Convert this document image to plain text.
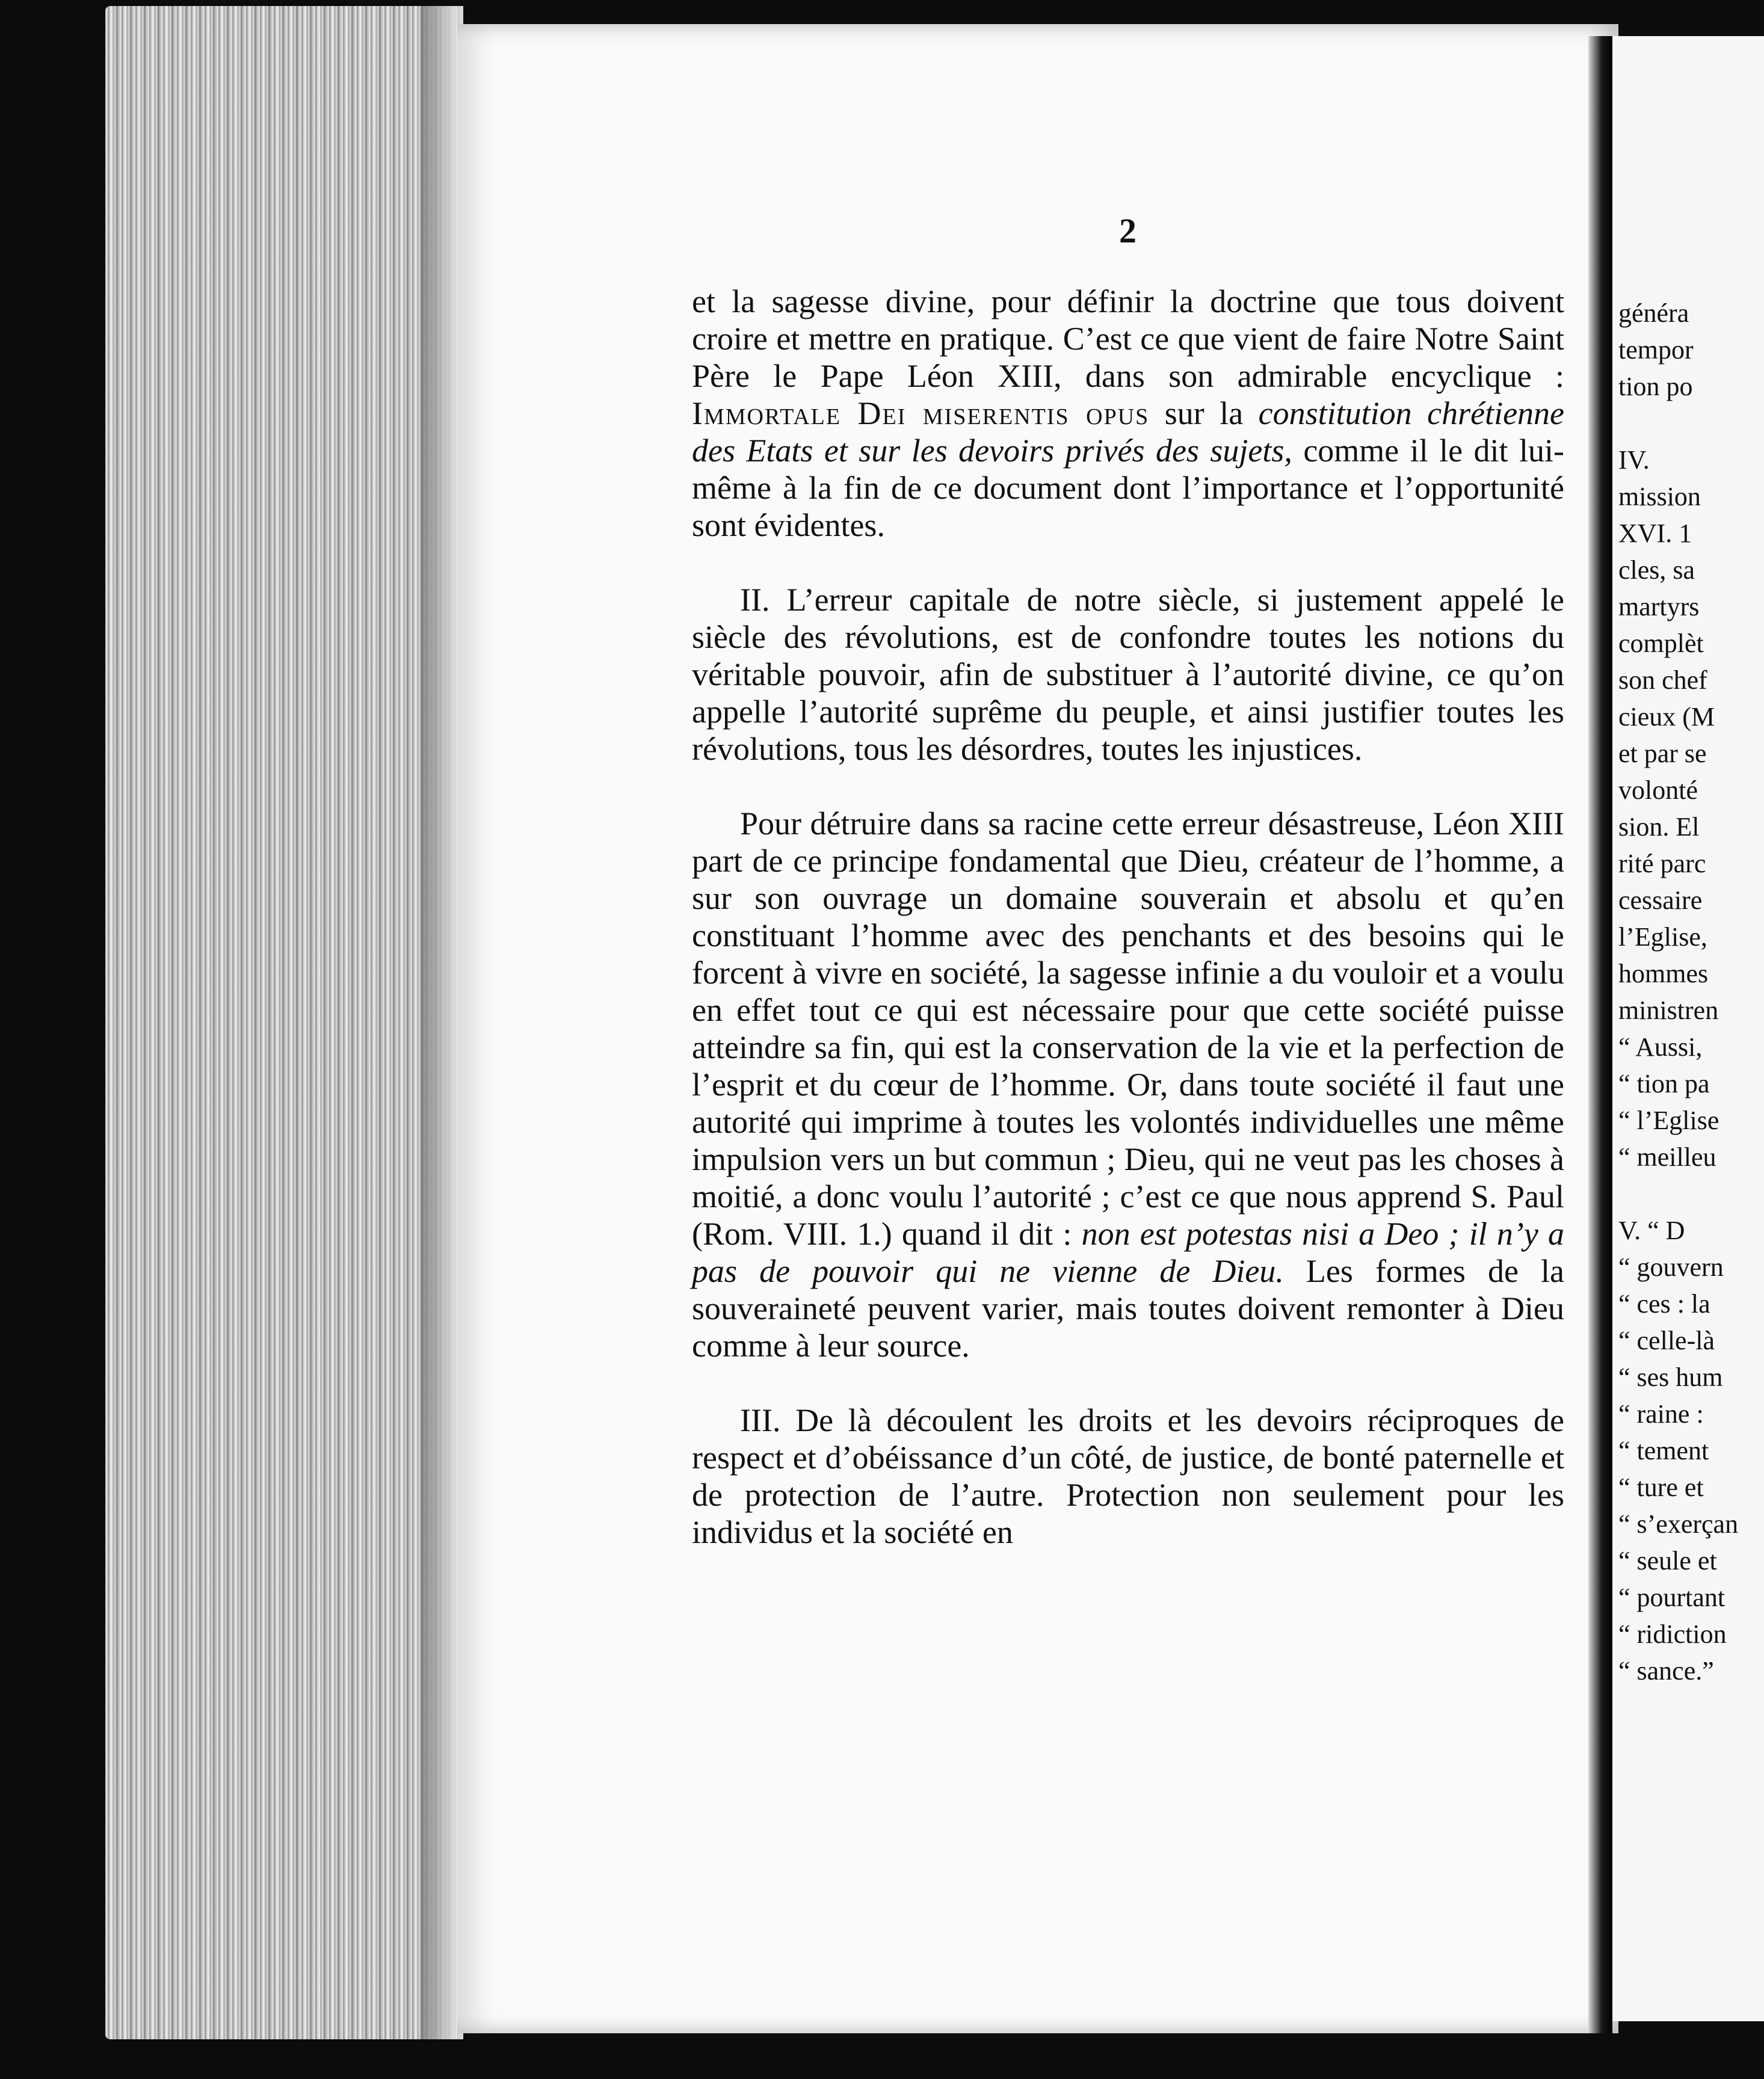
généra
tempor
tion po
IV.
mission
XVI. 1
cles, sa
martyrs
complèt
son chef
cieux (M
et par se
volonté
sion. El
rité parc
cessaire
l’Eglise,
hommes
ministren
“ Aussi,
“ tion pa
“ l’Eglise
“ meilleu
V. “ D
“ gouvern
“ ces : la
“ celle-là
“ ses hum
“ raine :
“ tement
“ ture et
“ s’exerçan
“ seule et
“ pourtant
“ ridiction
“ sance.”
2

et la sagesse divine, pour définir la doctrine que tous doivent croire et mettre en pratique. C’est ce que vient de faire Notre Saint Père le Pape Léon XIII, dans son admirable encyclique : Immortale Dei miserentis opus sur la constitution chrétienne des Etats et sur les devoirs privés des sujets, comme il le dit lui-même à la fin de ce document dont l’importance et l’opportunité sont évidentes.

II. L’erreur capitale de notre siècle, si justement appelé le siècle des révolutions, est de confondre toutes les notions du véritable pouvoir, afin de substituer à l’autorité divine, ce qu’on appelle l’autorité suprême du peuple, et ainsi justifier toutes les révolutions, tous les désordres, toutes les injustices.

Pour détruire dans sa racine cette erreur désastreuse, Léon XIII part de ce principe fondamental que Dieu, créateur de l’homme, a sur son ouvrage un domaine souverain et absolu et qu’en constituant l’homme avec des penchants et des besoins qui le forcent à vivre en société, la sagesse infinie a du vouloir et a voulu en effet tout ce qui est nécessaire pour que cette société puisse atteindre sa fin, qui est la conservation de la vie et la perfection de l’esprit et du cœur de l’homme. Or, dans toute société il faut une autorité qui imprime à toutes les volontés individuelles une même impulsion vers un but commun ; Dieu, qui ne veut pas les choses à moitié, a donc voulu l’autorité ; c’est ce que nous apprend S. Paul (Rom. VIII. 1.) quand il dit : non est potestas nisi a Deo ; il n’y a pas de pouvoir qui ne vienne de Dieu. Les formes de la souveraineté peuvent varier, mais toutes doivent remonter à Dieu comme à leur source.

III. De là découlent les droits et les devoirs réciproques de respect et d’obéissance d’un côté, de justice, de bonté paternelle et de protection de l’autre. Protection non seulement pour les individus et la société en
